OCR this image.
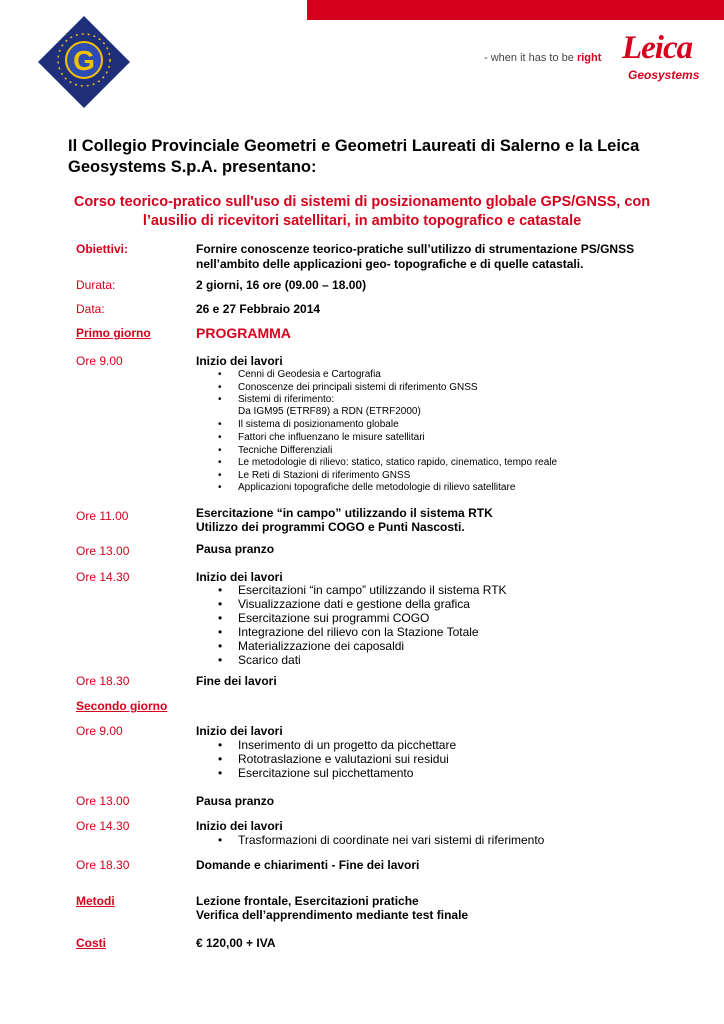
G	- when it has to be right Leica
Geosystems
Il Collegio Provinciale Geometri e Geometri Laureati di Salerno e la Leica Geosystems S.p.A. presentano:
Corso teorico-pratico sull'uso di sistemi di posizionamento globale GPS/GNSS, con l’ausilio di ricevitori satellitari, in ambito topografico e catastale
Obiettivi:	Fornire conoscenze teorico-pratiche sull’utilizzo di strumentazione PS/GNSS
nell’ambito delle applicazioni geo- topografiche e di quelle catastali.
Durata:	2 giorni, 16 ore (09.00 – 18.00)
Data:	26 e 27 Febbraio 2014
Primo giorno	PROGRAMMA
Ore 9.00	Inizio dei lavori
• Cenni di Geodesia e Cartografia
• Conoscenze dei principali sistemi di riferimento GNSS
• Sistemi di riferimento:
Da IGM95 (ETRF89) a RDN (ETRF2000)
• Il sistema di posizionamento globale
• Fattori che influenzano le misure satellitari
• Tecniche Differenziali
• Le metodologie di rilievo: statico, statico rapido, cinematico, tempo reale
• Le Reti di Stazioni di riferimento GNSS
• Applicazioni topografiche delle metodologie di rilievo satellitare
Ore 11.00	Esercitazione “in campo” utilizzando il sistema RTK
Utilizzo dei programmi COGO e Punti Nascosti.
Ore 13.00	Pausa pranzo
Ore 14.30	Inizio dei lavori
• Esercitazioni “in campo” utilizzando il sistema RTK
• Visualizzazione dati e gestione della grafica
• Esercitazione sui programmi COGO
• Integrazione del rilievo con la Stazione Totale
• Materializzazione dei caposaldi
• Scarico dati
Ore 18.30	Fine dei lavori
Secondo giorno
Ore 9.00	Inizio dei lavori
• Inserimento di un progetto da picchettare
• Rototraslazione e valutazioni sui residui
• Esercitazione sul picchettamento
Ore 13.00	Pausa pranzo
Ore 14.30	Inizio dei lavori
• Trasformazioni di coordinate nei vari sistemi di riferimento
Ore 18.30	Domande e chiarimenti - Fine dei lavori
Metodi	Lezione frontale, Esercitazioni pratiche
Verifica dell’apprendimento mediante test finale
Costi	€ 120,00 + IVA
